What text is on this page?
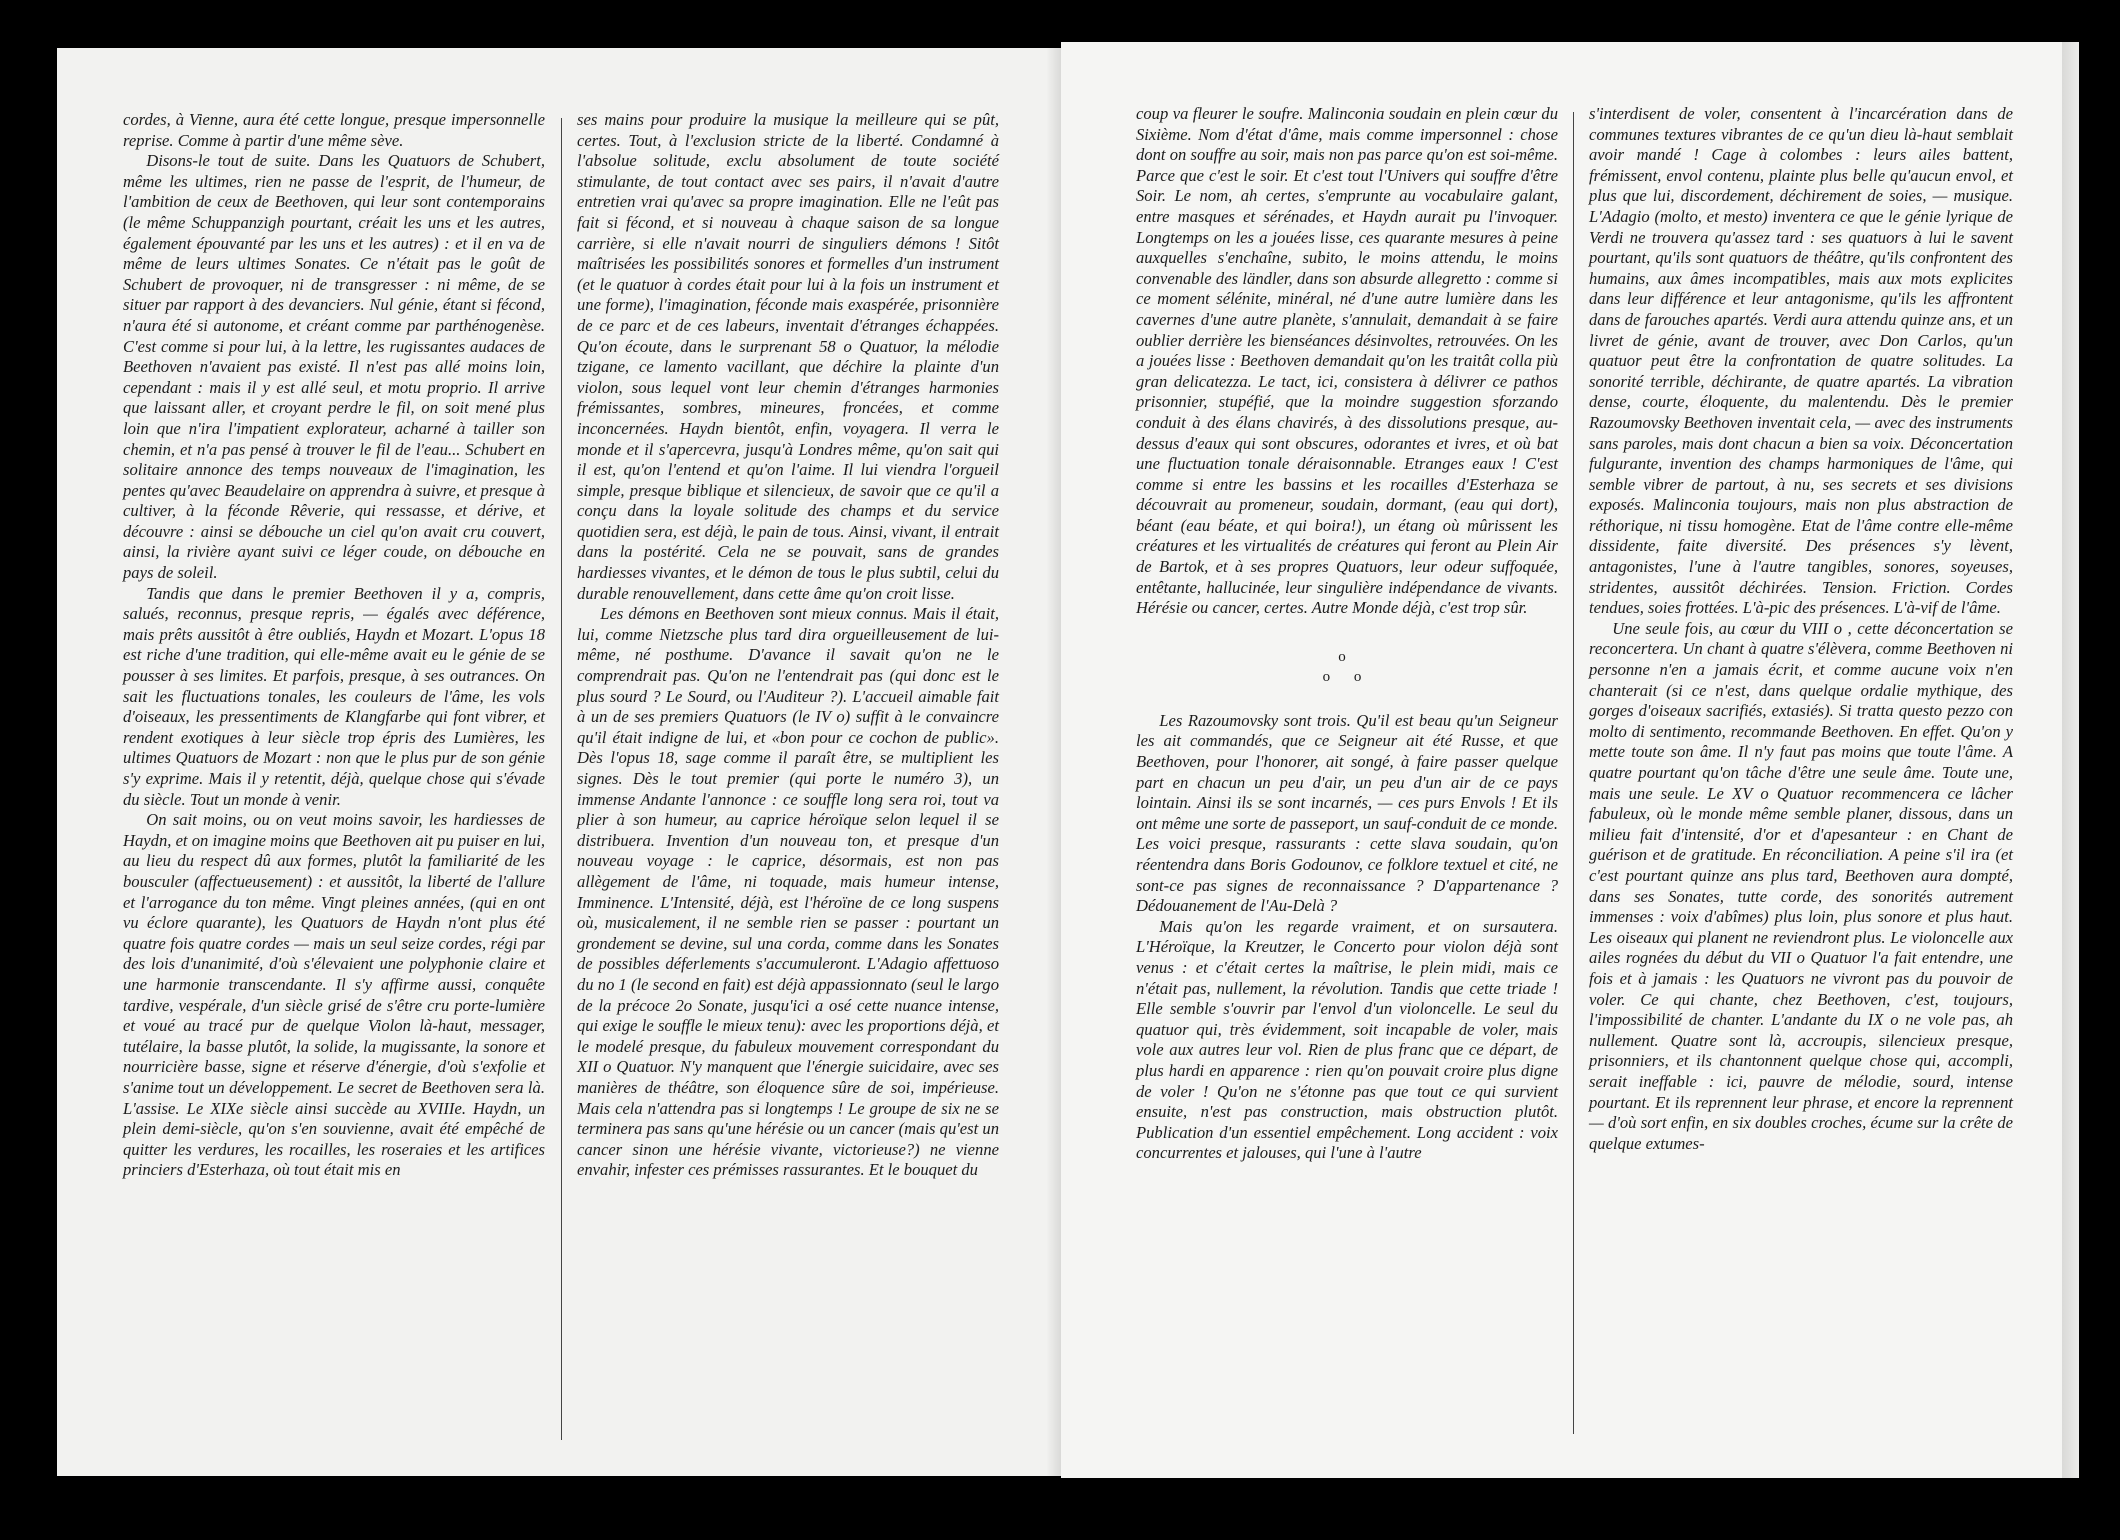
cordes, à Vienne, aura été cette longue, presque impersonnelle reprise. Comme à partir d'une même sève.

Disons-le tout de suite. Dans les Quatuors de Schubert, même les ultimes, rien ne passe de l'esprit, de l'humeur, de l'ambition de ceux de Beethoven, qui leur sont contemporains (le même Schuppanzigh pourtant, créait les uns et les autres, également épouvanté par les uns et les autres) : et il en va de même de leurs ultimes Sonates. Ce n'était pas le goût de Schubert de provoquer, ni de transgresser : ni même, de se situer par rapport à des devanciers. Nul génie, étant si fécond, n'aura été si autonome, et créant comme par parthénogenèse. C'est comme si pour lui, à la lettre, les rugissantes audaces de Beethoven n'avaient pas existé. Il n'est pas allé moins loin, cependant : mais il y est allé seul, et motu proprio. Il arrive que laissant aller, et croyant perdre le fil, on soit mené plus loin que n'ira l'impatient explorateur, acharné à tailler son chemin, et n'a pas pensé à trouver le fil de l'eau... Schubert en solitaire annonce des temps nouveaux de l'imagination, les pentes qu'avec Beaudelaire on apprendra à suivre, et presque à cultiver, à la féconde Rêverie, qui ressasse, et dérive, et découvre : ainsi se débouche un ciel qu'on avait cru couvert, ainsi, la rivière ayant suivi ce léger coude, on débouche en pays de soleil.

Tandis que dans le premier Beethoven il y a, compris, salués, reconnus, presque repris, — égalés avec déférence, mais prêts aussitôt à être oubliés, Haydn et Mozart. L'opus 18 est riche d'une tradition, qui elle-même avait eu le génie de se pousser à ses limites. Et parfois, presque, à ses outrances. On sait les fluctuations tonales, les couleurs de l'âme, les vols d'oiseaux, les pressentiments de Klangfarbe qui font vibrer, et rendent exotiques à leur siècle trop épris des Lumières, les ultimes Quatuors de Mozart : non que le plus pur de son génie s'y exprime. Mais il y retentit, déjà, quelque chose qui s'évade du siècle. Tout un monde à venir.

On sait moins, ou on veut moins savoir, les hardiesses de Haydn, et on imagine moins que Beethoven ait pu puiser en lui, au lieu du respect dû aux formes, plutôt la familiarité de les bousculer (affectueusement) : et aussitôt, la liberté de l'allure et l'arrogance du ton même. Vingt pleines années, (qui en ont vu éclore quarante), les Quatuors de Haydn n'ont plus été quatre fois quatre cordes — mais un seul seize cordes, régi par des lois d'unanimité, d'où s'élevaient une polyphonie claire et une harmonie transcendante. Il s'y affirme aussi, conquête tardive, vespérale, d'un siècle grisé de s'être cru porte-lumière et voué au tracé pur de quelque Violon là-haut, messager, tutélaire, la basse plutôt, la solide, la mugissante, la sonore et nourricière basse, signe et réserve d'énergie, d'où s'exfolie et s'anime tout un développement. Le secret de Beethoven sera là. L'assise. Le XIXe siècle ainsi succède au XVIIIe. Haydn, un plein demi-siècle, qu'on s'en souvienne, avait été empêché de quitter les verdures, les rocailles, les roseraies et les artifices princiers d'Esterhaza, où tout était mis en

ses mains pour produire la musique la meilleure qui se pût, certes. Tout, à l'exclusion stricte de la liberté. Condamné à l'absolue solitude, exclu absolument de toute société stimulante, de tout contact avec ses pairs, il n'avait d'autre entretien vrai qu'avec sa propre imagination. Elle ne l'eût pas fait si fécond, et si nouveau à chaque saison de sa longue carrière, si elle n'avait nourri de singuliers démons ! Sitôt maîtrisées les possibilités sonores et formelles d'un instrument (et le quatuor à cordes était pour lui à la fois un instrument et une forme), l'imagination, féconde mais exaspérée, prisonnière de ce parc et de ces labeurs, inventait d'étranges échappées. Qu'on écoute, dans le surprenant 58 o Quatuor, la mélodie tzigane, ce lamento vacillant, que déchire la plainte d'un violon, sous lequel vont leur chemin d'étranges harmonies frémissantes, sombres, mineures, froncées, et comme inconcernées. Haydn bientôt, enfin, voyagera. Il verra le monde et il s'apercevra, jusqu'à Londres même, qu'on sait qui il est, qu'on l'entend et qu'on l'aime. Il lui viendra l'orgueil simple, presque biblique et silencieux, de savoir que ce qu'il a conçu dans la loyale solitude des champs et du service quotidien sera, est déjà, le pain de tous. Ainsi, vivant, il entrait dans la postérité. Cela ne se pouvait, sans de grandes hardiesses vivantes, et le démon de tous le plus subtil, celui du durable renouvellement, dans cette âme qu'on croit lisse.

Les démons en Beethoven sont mieux connus. Mais il était, lui, comme Nietzsche plus tard dira orgueilleusement de lui-même, né posthume. D'avance il savait qu'on ne le comprendrait pas. Qu'on ne l'entendrait pas (qui donc est le plus sourd ? Le Sourd, ou l'Auditeur ?). L'accueil aimable fait à un de ses premiers Quatuors (le IV o) suffit à le convaincre qu'il était indigne de lui, et «bon pour ce cochon de public». Dès l'opus 18, sage comme il paraît être, se multiplient les signes. Dès le tout premier (qui porte le numéro 3), un immense Andante l'annonce : ce souffle long sera roi, tout va plier à son humeur, au caprice héroïque selon lequel il se distribuera. Invention d'un nouveau ton, et presque d'un nouveau voyage : le caprice, désormais, est non pas allègement de l'âme, ni toquade, mais humeur intense, Imminence. L'Intensité, déjà, est l'héroïne de ce long suspens où, musicalement, il ne semble rien se passer : pourtant un grondement se devine, sul una corda, comme dans les Sonates de possibles déferlements s'accumuleront. L'Adagio affettuoso du no 1 (le second en fait) est déjà appassionnato (seul le largo de la précoce 2o Sonate, jusqu'ici a osé cette nuance intense, qui exige le souffle le mieux tenu): avec les proportions déjà, et le modelé presque, du fabuleux mouvement correspondant du XII o Quatuor. N'y manquent que l'énergie suicidaire, avec ses manières de théâtre, son éloquence sûre de soi, impérieuse. Mais cela n'attendra pas si longtemps ! Le groupe de six ne se terminera pas sans qu'une hérésie ou un cancer (mais qu'est un cancer sinon une hérésie vivante, victorieuse?) ne vienne envahir, infester ces prémisses rassurantes. Et le bouquet du

coup va fleurer le soufre. Malinconia soudain en plein cœur du Sixième. Nom d'état d'âme, mais comme impersonnel : chose dont on souffre au soir, mais non pas parce qu'on est soi-même. Parce que c'est le soir. Et c'est tout l'Univers qui souffre d'être Soir. Le nom, ah certes, s'emprunte au vocabulaire galant, entre masques et sérénades, et Haydn aurait pu l'invoquer. Longtemps on les a jouées lisse, ces quarante mesures à peine auxquelles s'enchaîne, subito, le moins attendu, le moins convenable des ländler, dans son absurde allegretto : comme si ce moment sélénite, minéral, né d'une autre lumière dans les cavernes d'une autre planète, s'annulait, demandait à se faire oublier derrière les bienséances désinvoltes, retrouvées. On les a jouées lisse : Beethoven demandait qu'on les traitât colla più gran delicatezza. Le tact, ici, consistera à délivrer ce pathos prisonnier, stupéfié, que la moindre suggestion sforzando conduit à des élans chavirés, à des dissolutions presque, au-dessus d'eaux qui sont obscures, odorantes et ivres, et où bat une fluctuation tonale déraisonnable. Etranges eaux ! C'est comme si entre les bassins et les rocailles d'Esterhaza se découvrait au promeneur, soudain, dormant, (eau qui dort), béant (eau béate, et qui boira!), un étang où mûrissent les créatures et les virtualités de créatures qui feront au Plein Air de Bartok, et à ses propres Quatuors, leur odeur suffoquée, entêtante, hallucinée, leur singulière indépendance de vivants. Hérésie ou cancer, certes. Autre Monde déjà, c'est trop sûr.

o
o o

Les Razoumovsky sont trois. Qu'il est beau qu'un Seigneur les ait commandés, que ce Seigneur ait été Russe, et que Beethoven, pour l'honorer, ait songé, à faire passer quelque part en chacun un peu d'air, un peu d'un air de ce pays lointain. Ainsi ils se sont incarnés, — ces purs Envols ! Et ils ont même une sorte de passeport, un sauf-conduit de ce monde. Les voici presque, rassurants : cette slava soudain, qu'on réentendra dans Boris Godounov, ce folklore textuel et cité, ne sont-ce pas signes de reconnaissance ? D'appartenance ? Dédouanement de l'Au-Delà ?

Mais qu'on les regarde vraiment, et on sursautera. L'Héroïque, la Kreutzer, le Concerto pour violon déjà sont venus : et c'était certes la maîtrise, le plein midi, mais ce n'était pas, nullement, la révolution. Tandis que cette triade ! Elle semble s'ouvrir par l'envol d'un violoncelle. Le seul du quatuor qui, très évidemment, soit incapable de voler, mais vole aux autres leur vol. Rien de plus franc que ce départ, de plus hardi en apparence : rien qu'on pouvait croire plus digne de voler ! Qu'on ne s'étonne pas que tout ce qui survient ensuite, n'est pas construction, mais obstruction plutôt. Publication d'un essentiel empêchement. Long accident : voix concurrentes et jalouses, qui l'une à l'autre

s'interdisent de voler, consentent à l'incarcération dans de communes textures vibrantes de ce qu'un dieu là-haut semblait avoir mandé ! Cage à colombes : leurs ailes battent, frémissent, envol contenu, plainte plus belle qu'aucun envol, et plus que lui, discordement, déchirement de soies, — musique. L'Adagio (molto, et mesto) inventera ce que le génie lyrique de Verdi ne trouvera qu'assez tard : ses quatuors à lui le savent pourtant, qu'ils sont quatuors de théâtre, qu'ils confrontent des humains, aux âmes incompatibles, mais aux mots explicites dans leur différence et leur antagonisme, qu'ils les affrontent dans de farouches apartés. Verdi aura attendu quinze ans, et un livret de génie, avant de trouver, avec Don Carlos, qu'un quatuor peut être la confrontation de quatre solitudes. La sonorité terrible, déchirante, de quatre apartés. La vibration dense, courte, éloquente, du malentendu. Dès le premier Razoumovsky Beethoven inventait cela, — avec des instruments sans paroles, mais dont chacun a bien sa voix. Déconcertation fulgurante, invention des champs harmoniques de l'âme, qui semble vibrer de partout, à nu, ses secrets et ses divisions exposés. Malinconia toujours, mais non plus abstraction de réthorique, ni tissu homogène. Etat de l'âme contre elle-même dissidente, faite diversité. Des présences s'y lèvent, antagonistes, l'une à l'autre tangibles, sonores, soyeuses, stridentes, aussitôt déchirées. Tension. Friction. Cordes tendues, soies frottées. L'à-pic des présences. L'à-vif de l'âme.

Une seule fois, au cœur du VIII o , cette déconcertation se reconcertera. Un chant à quatre s'élèvera, comme Beethoven ni personne n'en a jamais écrit, et comme aucune voix n'en chanterait (si ce n'est, dans quelque ordalie mythique, des gorges d'oiseaux sacrifiés, extasiés). Si tratta questo pezzo con molto di sentimento, recommande Beethoven. En effet. Qu'on y mette toute son âme. Il n'y faut pas moins que toute l'âme. A quatre pourtant qu'on tâche d'être une seule âme. Toute une, mais une seule. Le XV o Quatuor recommencera ce lâcher fabuleux, où le monde même semble planer, dissous, dans un milieu fait d'intensité, d'or et d'apesanteur : en Chant de guérison et de gratitude. En réconciliation. A peine s'il ira (et c'est pourtant quinze ans plus tard, Beethoven aura dompté, dans ses Sonates, tutte corde, des sonorités autrement immenses : voix d'abîmes) plus loin, plus sonore et plus haut. Les oiseaux qui planent ne reviendront plus. Le violoncelle aux ailes rognées du début du VII o Quatuor l'a fait entendre, une fois et à jamais : les Quatuors ne vivront pas du pouvoir de voler. Ce qui chante, chez Beethoven, c'est, toujours, l'impossibilité de chanter. L'andante du IX o ne vole pas, ah nullement. Quatre sont là, accroupis, silencieux presque, prisonniers, et ils chantonnent quelque chose qui, accompli, serait ineffable : ici, pauvre de mélodie, sourd, intense pourtant. Et ils reprennent leur phrase, et encore la reprennent — d'où sort enfin, en six doubles croches, écume sur la crête de quelque extumes-
